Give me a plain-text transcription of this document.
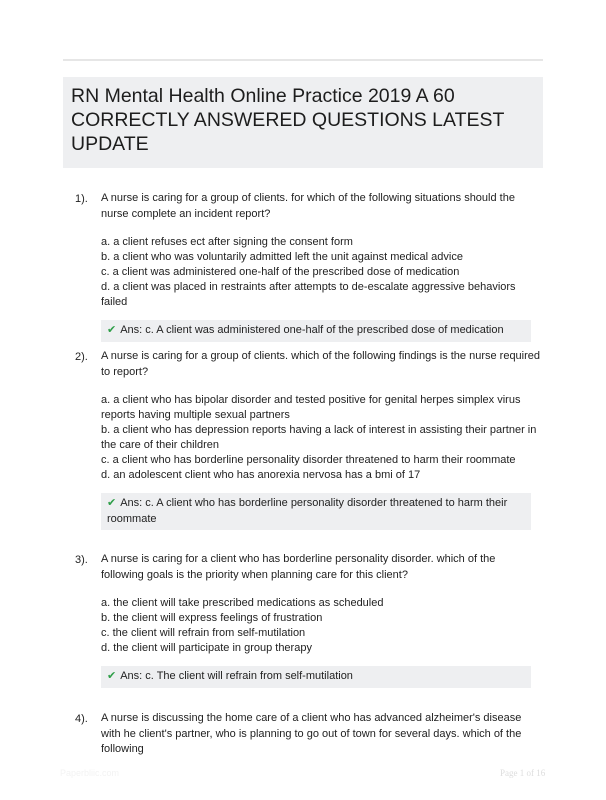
RN Mental Health Online Practice 2019 A 60 CORRECTLY ANSWERED QUESTIONS LATEST UPDATE
1). A nurse is caring for a group of clients. for which of the following situations should the nurse complete an incident report?

a. a client refuses ect after signing the consent form
b. a client who was voluntarily admitted left the unit against medical advice
c. a client was administered one-half of the prescribed dose of medication
d. a client was placed in restraints after attempts to de-escalate aggressive behaviors failed
✔ Ans: c. A client was administered one-half of the prescribed dose of medication
2). A nurse is caring for a group of clients. which of the following findings is the nurse required to report?

a. a client who has bipolar disorder and tested positive for genital herpes simplex virus reports having multiple sexual partners
b. a client who has depression reports having a lack of interest in assisting their partner in the care of their children
c. a client who has borderline personality disorder threatened to harm their roommate
d. an adolescent client who has anorexia nervosa has a bmi of 17
✔ Ans: c. A client who has borderline personality disorder threatened to harm their roommate
3). A nurse is caring for a client who has borderline personality disorder. which of the following goals is the priority when planning care for this client?

a. the client will take prescribed medications as scheduled
b. the client will express feelings of frustration
c. the client will refrain from self-mutilation
d. the client will participate in group therapy
✔ Ans: c. The client will refrain from self-mutilation
4). A nurse is discussing the home care of a client who has advanced alzheimer's disease with he client's partner, who is planning to go out of town for several days. which of the following

Paperbliic.com	Page 1 of 16
